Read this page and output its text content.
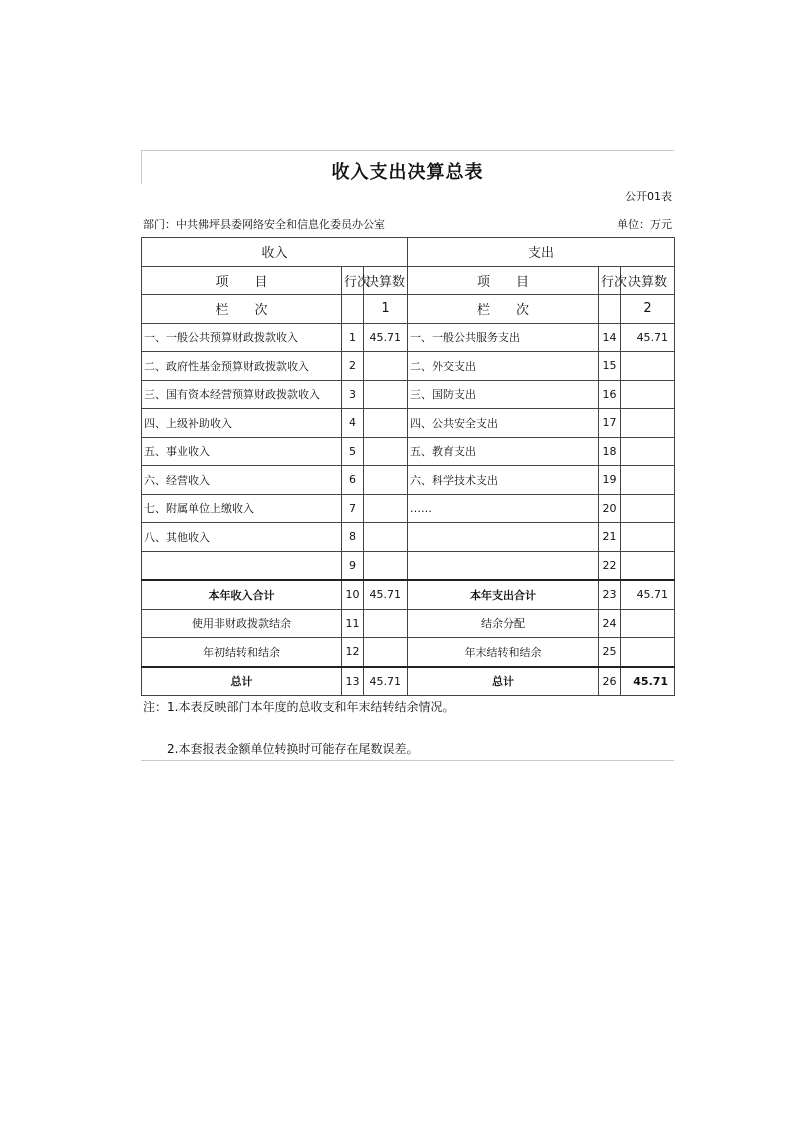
收入支出决算总表
公开01表
部门：中共佛坪县委网络安全和信息化委员办公室	单位：万元
收入			支出		
项　　目	行次	决算数	项　　目	行次	决算数
栏　　次		1	栏　　次		2
一、一般公共预算财政拨款收入	1	45.71	一、一般公共服务支出	14	45.71
二、政府性基金预算财政拨款收入	2		二、外交支出	15	
三、国有资本经营预算财政拨款收入	3		三、国防支出	16	
四、上级补助收入	4		四、公共安全支出	17	
五、事业收入	5		五、教育支出	18	
六、经营收入	6		六、科学技术支出	19	
七、附属单位上缴收入	7		……	20	
八、其他收入	8			21	
	9			22	
本年收入合计	10	45.71	本年支出合计	23	45.71
使用非财政拨款结余	11		结余分配	24	
年初结转和结余	12		年末结转和结余	25	
总计	13	45.71	总计	26	45.71
注：1.本表反映部门本年度的总收支和年末结转结余情况。
2.本套报表金额单位转换时可能存在尾数误差。
